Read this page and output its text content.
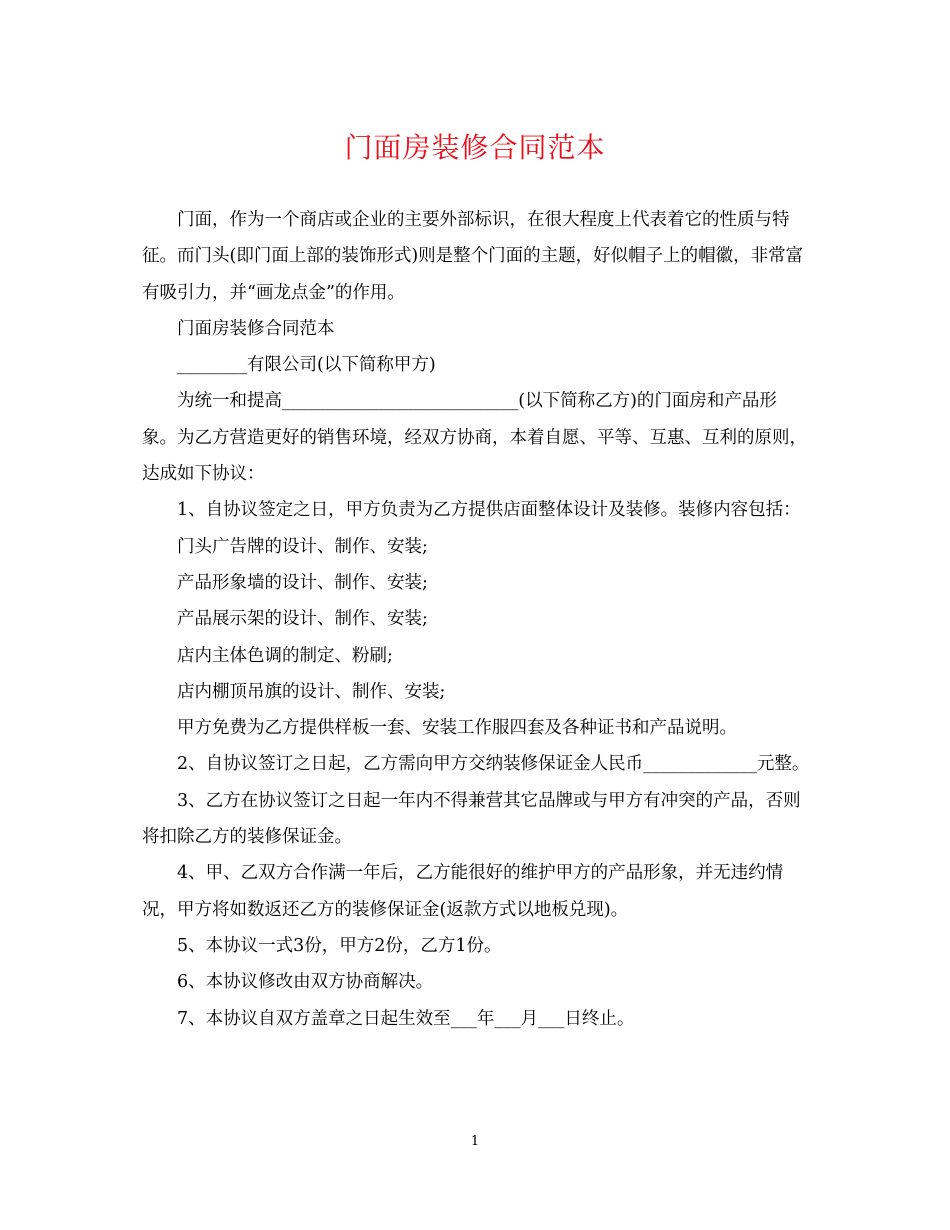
门面房装修合同范本

门面，作为一个商店或企业的主要外部标识，在很大程度上代表着它的性质与特征。而门头(即门面上部的装饰形式)则是整个门面的主题，好似帽子上的帽徽，非常富有吸引力，并“画龙点金”的作用。

门面房装修合同范本

________有限公司(以下简称甲方)

为统一和提高___________________________(以下简称乙方)的门面房和产品形象。为乙方营造更好的销售环境，经双方协商，本着自愿、平等、互惠、互利的原则，达成如下协议：

1、自协议签定之日，甲方负责为乙方提供店面整体设计及装修。装修内容包括：

门头广告牌的设计、制作、安装;

产品形象墙的设计、制作、安装;

产品展示架的设计、制作、安装;

店内主体色调的制定、粉刷;

店内棚顶吊旗的设计、制作、安装;

甲方免费为乙方提供样板一套、安装工作服四套及各种证书和产品说明。

2、自协议签订之日起，乙方需向甲方交纳装修保证金人民币_____________元整。

3、乙方在协议签订之日起一年内不得兼营其它品牌或与甲方有冲突的产品，否则将扣除乙方的装修保证金。

4、甲、乙双方合作满一年后，乙方能很好的维护甲方的产品形象，并无违约情况，甲方将如数返还乙方的装修保证金(返款方式以地板兑现)。

5、本协议一式3份，甲方2份，乙方1份。

6、本协议修改由双方协商解决。

7、本协议自双方盖章之日起生效至___年___月___日终止。

1
